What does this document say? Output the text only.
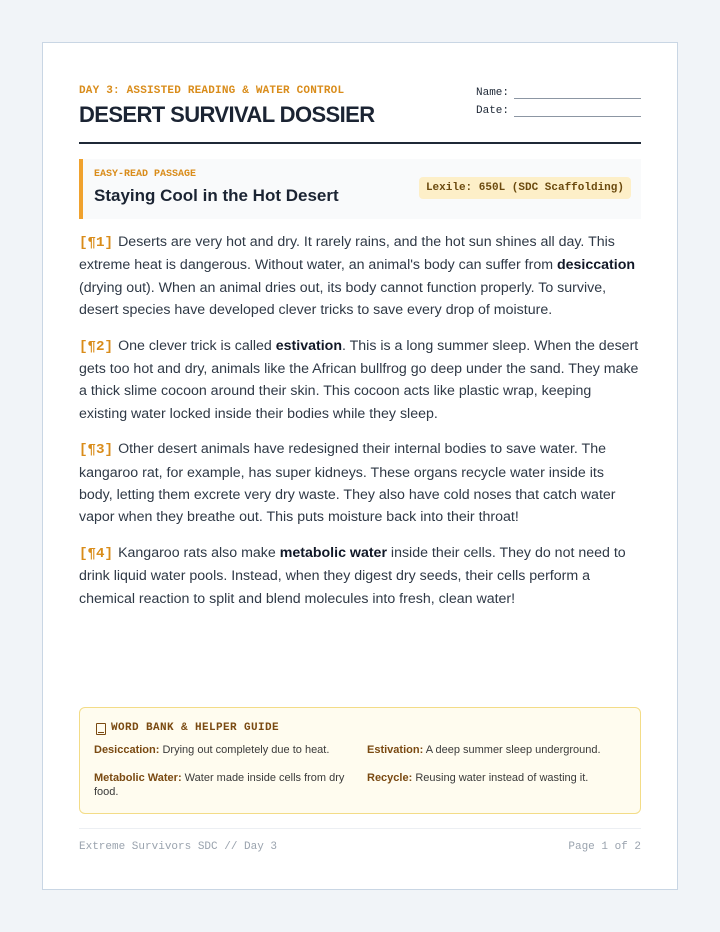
DAY 3: ASSISTED READING & WATER CONTROL
DESERT SURVIVAL DOSSIER
Name:
Date:
EASY-READ PASSAGE
Staying Cool in the Hot Desert	Lexile: 650L (SDC Scaffolding)

[¶1] Deserts are very hot and dry. It rarely rains, and the hot sun shines all day. This extreme heat is dangerous. Without water, an animal's body can suffer from desiccation (drying out). When an animal dries out, its body cannot function properly. To survive, desert species have developed clever tricks to save every drop of moisture.

[¶2] One clever trick is called estivation. This is a long summer sleep. When the desert gets too hot and dry, animals like the African bullfrog go deep under the sand. They make a thick slime cocoon around their skin. This cocoon acts like plastic wrap, keeping existing water locked inside their bodies while they sleep.

[¶3] Other desert animals have redesigned their internal bodies to save water. The kangaroo rat, for example, has super kidneys. These organs recycle water inside its body, letting them excrete very dry waste. They also have cold noses that catch water vapor when they breathe out. This puts moisture back into their throat!

[¶4] Kangaroo rats also make metabolic water inside their cells. They do not need to drink liquid water pools. Instead, when they digest dry seeds, their cells perform a chemical reaction to split and blend molecules into fresh, clean water!

WORD BANK & HELPER GUIDE
Desiccation: Drying out completely due to heat.	Estivation: A deep summer sleep underground.
Metabolic Water: Water made inside cells from dry food.
Recycle: Reusing water instead of wasting it.
Extreme Survivors SDC // Day 3	Page 1 of 2
